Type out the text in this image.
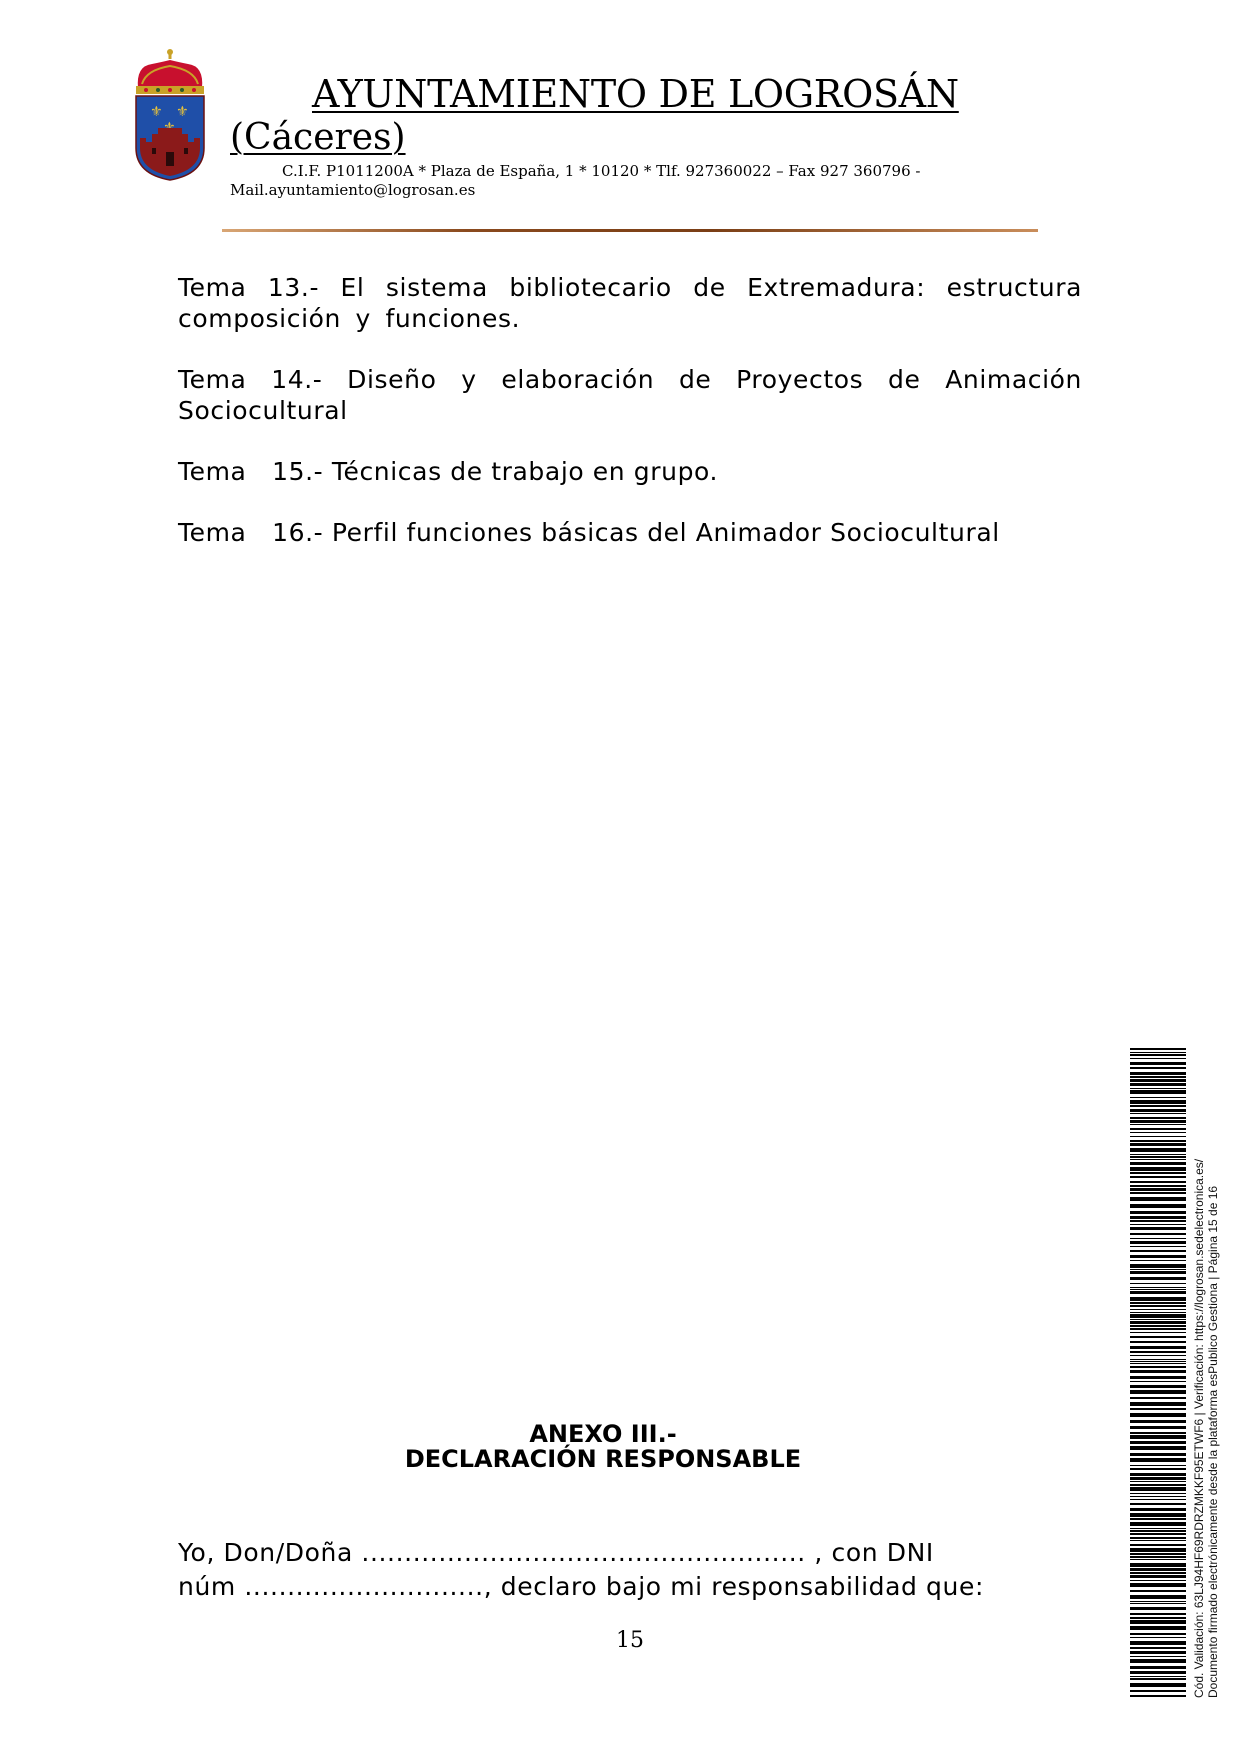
⚜ ⚜	AYUNTAMIENTO DE LOGROSÁN
(Cáceres)
C.I.F. P1011200A * Plaza de España, 1 * 10120 * Tlf. 927360022 – Fax 927 360796 -
Mail.ayuntamiento@logrosan.es
Tema 13.- El sistema bibliotecario de Extremadura: estructura composición y funciones.
Tema 14.- Diseño y elaboración de Proyectos de Animación Sociocultural
Tema 15.- Técnicas de trabajo en grupo.
Tema 16.- Perfil funciones básicas del Animador Sociocultural
ANEXO III.-
DECLARACIÓN RESPONSABLE
Yo, Don/Doña .................................................... , con DNI
núm ............................, declaro bajo mi responsabilidad que:
15	Cód. Validación: 63LJ94HF69RDRZMKKF95ETWF6 | Verificación: https://logrosan.sedelectronica.es/ Documento firmado electrónicamente desde la plataforma esPublico Gestiona | Página 15 de 16
